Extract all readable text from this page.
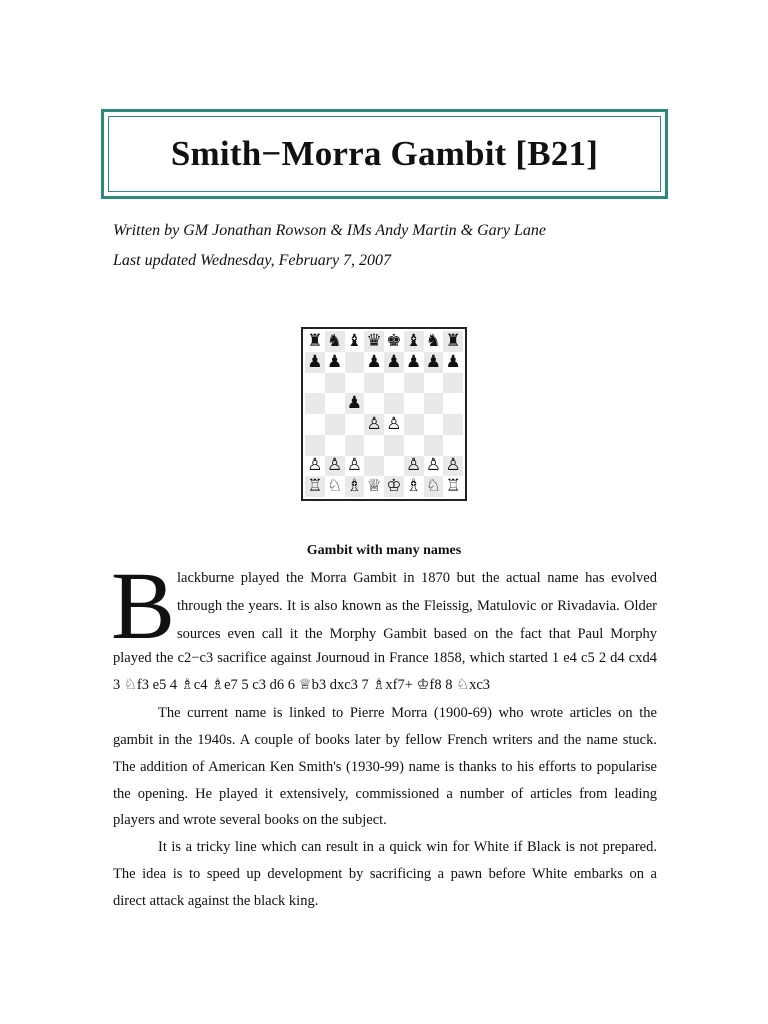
Smith−Morra Gambit [B21]
Written by GM Jonathan Rowson & IMs Andy Martin & Gary Lane
Last updated Wednesday, February 7, 2007
♜ ♞ ♝ ♛ ♚ ♝ ♞ ♜
♟ ♟ ♟ ♟ ♟ ♟ ♟
♟
♙ ♙
♙ ♙ ♙	♙ ♙ ♙
♖ ♘ ♗ ♕ ♔ ♗ ♘ ♖
Gambit with many names
B lackburne played the Morra Gambit in 1870 but the actual name has evolved
through the years. It is also known as the Fleissig, Matulovic or Rivadavia. Older
sources even call it the Morphy Gambit based on the fact that Paul Morphy
played the c2−c3 sacrifice against Journoud in France 1858, which started 1 e4 c5 2 d4 cxd4
3 ♘f3 e5 4 ♗c4 ♗e7 5 c3 d6 6 ♕b3 dxc3 7 ♗xf7+ ♔f8 8 ♘xc3
The current name is linked to Pierre Morra (1900-69) who wrote articles on the
gambit in the 1940s. A couple of books later by fellow French writers and the name stuck.
The addition of American Ken Smith's (1930-99) name is thanks to his efforts to popularise
the opening. He played it extensively, commissioned a number of articles from leading
players and wrote several books on the subject.
It is a tricky line which can result in a quick win for White if Black is not prepared.
The idea is to speed up development by sacrificing a pawn before White embarks on a
direct attack against the black king.
